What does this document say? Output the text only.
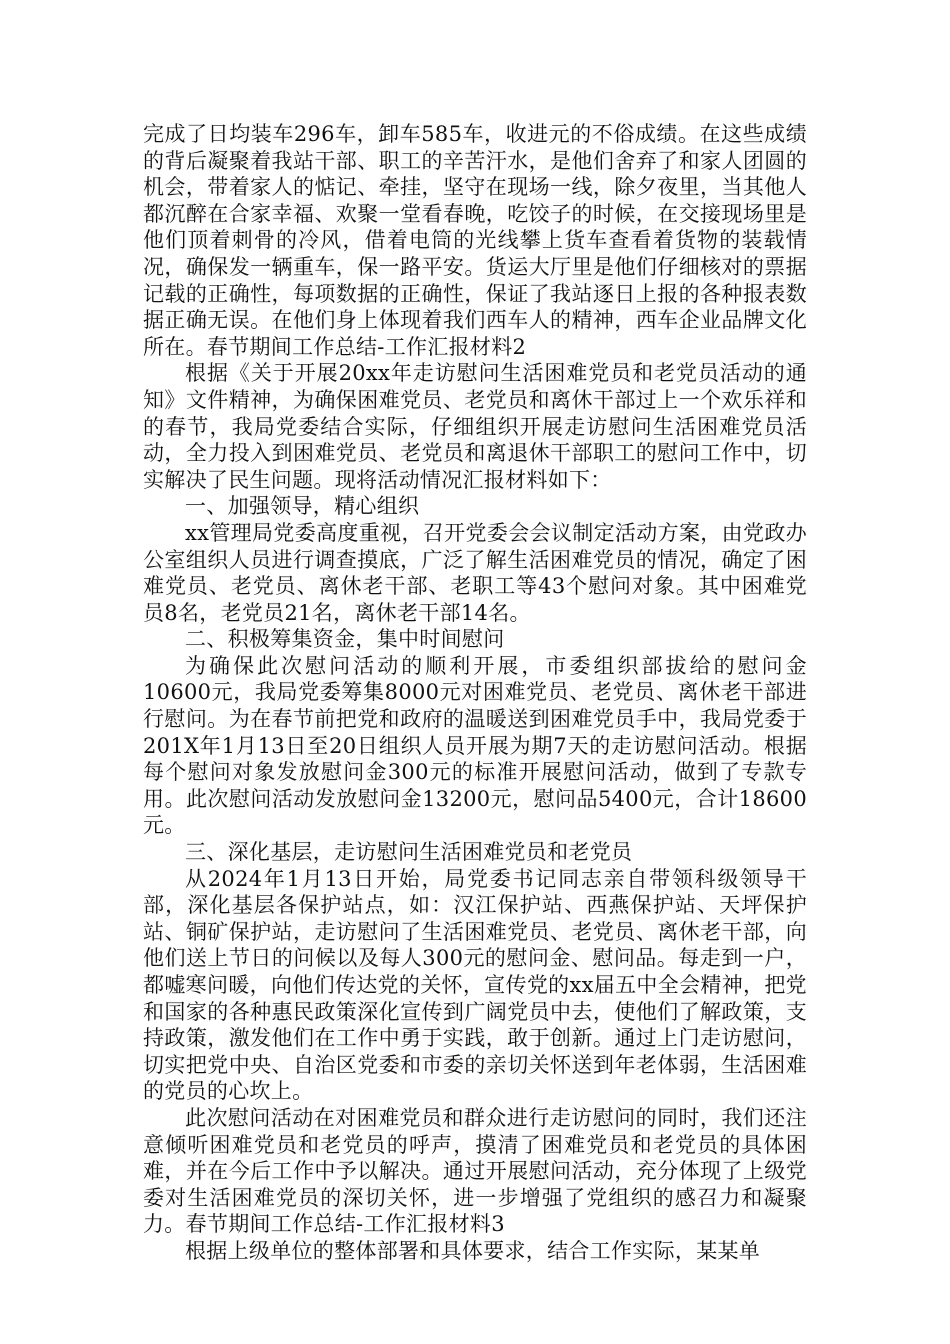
完成了日均装车296车，卸车585车，收进元的不俗成绩。在这些成绩的背后凝聚着我站干部、职工的辛苦汗水，是他们舍弃了和家人团圆的机会，带着家人的惦记、牵挂，坚守在现场一线，除夕夜里，当其他人都沉醉在合家幸福、欢聚一堂看春晚，吃饺子的时候，在交接现场里是他们顶着刺骨的冷风，借着电筒的光线攀上货车查看着货物的装载情况，确保发一辆重车，保一路平安。货运大厅里是他们仔细核对的票据记载的正确性，每项数据的正确性，保证了我站逐日上报的各种报表数据正确无误。在他们身上体现着我们西车人的精神，西车企业品牌文化所在。春节期间工作总结-工作汇报材料2

根据《关于开展20xx年走访慰问生活困难党员和老党员活动的通知》文件精神，为确保困难党员、老党员和离休干部过上一个欢乐祥和的春节，我局党委结合实际，仔细组织开展走访慰问生活困难党员活动，全力投入到困难党员、老党员和离退休干部职工的慰问工作中，切实解决了民生问题。现将活动情况汇报材料如下：

一、加强领导，精心组织

xx管理局党委高度重视，召开党委会会议制定活动方案，由党政办公室组织人员进行调查摸底，广泛了解生活困难党员的情况，确定了困难党员、老党员、离休老干部、老职工等43个慰问对象。其中困难党员8名，老党员21名，离休老干部14名。

二、积极筹集资金，集中时间慰问

为确保此次慰问活动的顺利开展，市委组织部拔给的慰问金10600元，我局党委筹集8000元对困难党员、老党员、离休老干部进行慰问。为在春节前把党和政府的温暖送到困难党员手中，我局党委于201X年1月13日至20日组织人员开展为期7天的走访慰问活动。根据每个慰问对象发放慰问金300元的标准开展慰问活动，做到了专款专用。此次慰问活动发放慰问金13200元，慰问品5400元，合计18600元。

三、深化基层，走访慰问生活困难党员和老党员

从2024年1月13日开始，局党委书记同志亲自带领科级领导干部，深化基层各保护站点，如：汉江保护站、西燕保护站、天坪保护站、铜矿保护站，走访慰问了生活困难党员、老党员、离休老干部，向他们送上节日的问候以及每人300元的慰问金、慰问品。每走到一户，都嘘寒问暖，向他们传达党的关怀，宣传党的xx届五中全会精神，把党和国家的各种惠民政策深化宣传到广阔党员中去，使他们了解政策，支持政策，激发他们在工作中勇于实践，敢于创新。通过上门走访慰问，切实把党中央、自治区党委和市委的亲切关怀送到年老体弱，生活困难的党员的心坎上。

此次慰问活动在对困难党员和群众进行走访慰问的同时，我们还注意倾听困难党员和老党员的呼声，摸清了困难党员和老党员的具体困难，并在今后工作中予以解决。通过开展慰问活动，充分体现了上级党委对生活困难党员的深切关怀，进一步增强了党组织的感召力和凝聚力。春节期间工作总结-工作汇报材料3

根据上级单位的整体部署和具体要求，结合工作实际，某某单
